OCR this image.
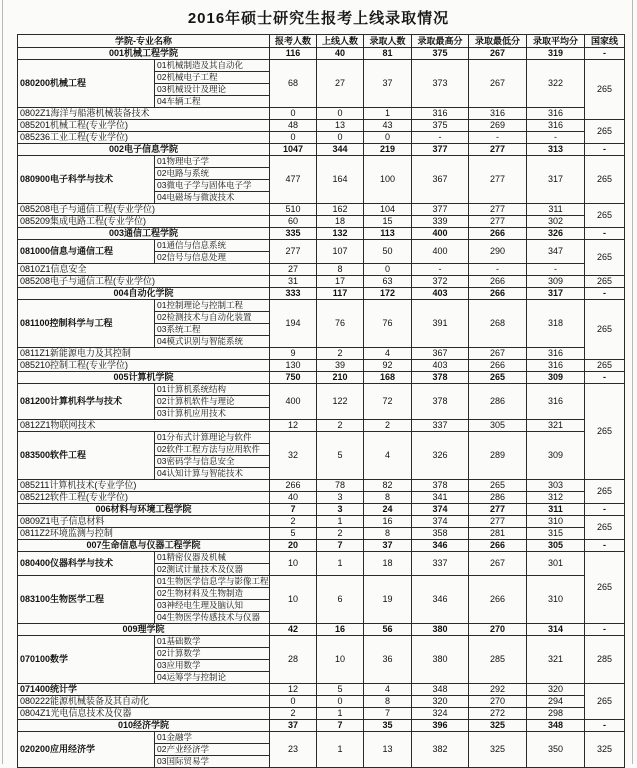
2016年硕士研究生报考上线录取情况
学院-专业名称		报考人数	上线人数	录取人数	录取最高分	录取最低分	录取平均分	国家线
001机械工程学院		116	40	81	375	267	319	-
080200机械工程	01机械制造及其自动化	68	27	37	373	267	322	265
	02机械电子工程							
	03机械设计及理论							
	04车辆工程							
0802Z1海洋与船港机械装备技术		0	0	1	316	316	316	
085201机械工程(专业学位)		48	13	43	375	269	316	265
085236工业工程(专业学位)		0	0	0	-	-	-	
002电子信息学院		1047	344	219	377	277	313	-
080900电子科学与技术	01物理电子学	477	164	100	367	277	317	265
	02电路与系统							
	03微电子学与固体电子学							
	04电磁场与微波技术							
085208电子与通信工程(专业学位)		510	162	104	377	277	311	265
085209集成电路工程(专业学位)		60	18	15	339	277	302	
003通信工程学院		335	132	113	400	266	326	-
081000信息与通信工程	01通信与信息系统	277	107	50	400	290	347	265
	02信号与信息处理							
0810Z1信息安全		27	8	0	-	-	-	
085208电子与通信工程(专业学位)		31	17	63	372	266	309	265
004自动化学院		333	117	172	403	266	317	-
081100控制科学与工程	01控制理论与控制工程	194	76	76	391	268	318	265
	02检测技术与自动化装置							
	03系统工程							
	04模式识别与智能系统							
0811Z1新能源电力及其控制		9	2	4	367	267	316	
085210控制工程(专业学位)		130	39	92	403	266	316	265
005计算机学院		750	210	168	378	265	309	-
081200计算机科学与技术	01计算机系统结构	400	122	72	378	286	316	265
	02计算机软件与理论							
	03计算机应用技术							
0812Z1物联网技术		12	2	2	337	305	321	
083500软件工程	01分布式计算理论与软件	32	5	4	326	289	309	
	02软件工程方法与应用软件							
	03密码学与信息安全							
	04认知计算与智能技术							
085211计算机技术(专业学位)		266	78	82	378	265	303	265
085212软件工程(专业学位)		40	3	8	341	286	312	
006材料与环境工程学院		7	3	24	374	277	311	-
0809Z1电子信息材料		2	1	16	374	277	310	265
0811Z2环境监测与控制		5	2	8	358	281	315	
007生命信息与仪器工程学院		20	7	37	346	266	305	-
080400仪器科学与技术	01精密仪器及机械	10	1	18	337	267	301	265
	02测试计量技术及仪器							
083100生物医学工程	01生物医学信息学与影像工程	10	6	19	346	266	310	
	02生物材料及生物制造							
	03神经电生理及脑认知							
	04生物医学传感技术与仪器							
009理学院		42	16	56	380	270	314	-
070100数学	01基础数学	28	10	36	380	285	321	285
	02计算数学							
	03应用数学							
	04运筹学与控制论							
071400统计学		12	5	4	348	292	320	265
080222能源机械装备及其自动化		0	0	8	320	270	294	
0804Z1光电信息技术及仪器		2	1	7	324	272	298	
010经济学院		37	7	35	396	325	348	-
020200应用经济学	01金融学	23	1	13	382	325	350	325
	02产业经济学							
	03国际贸易学							
